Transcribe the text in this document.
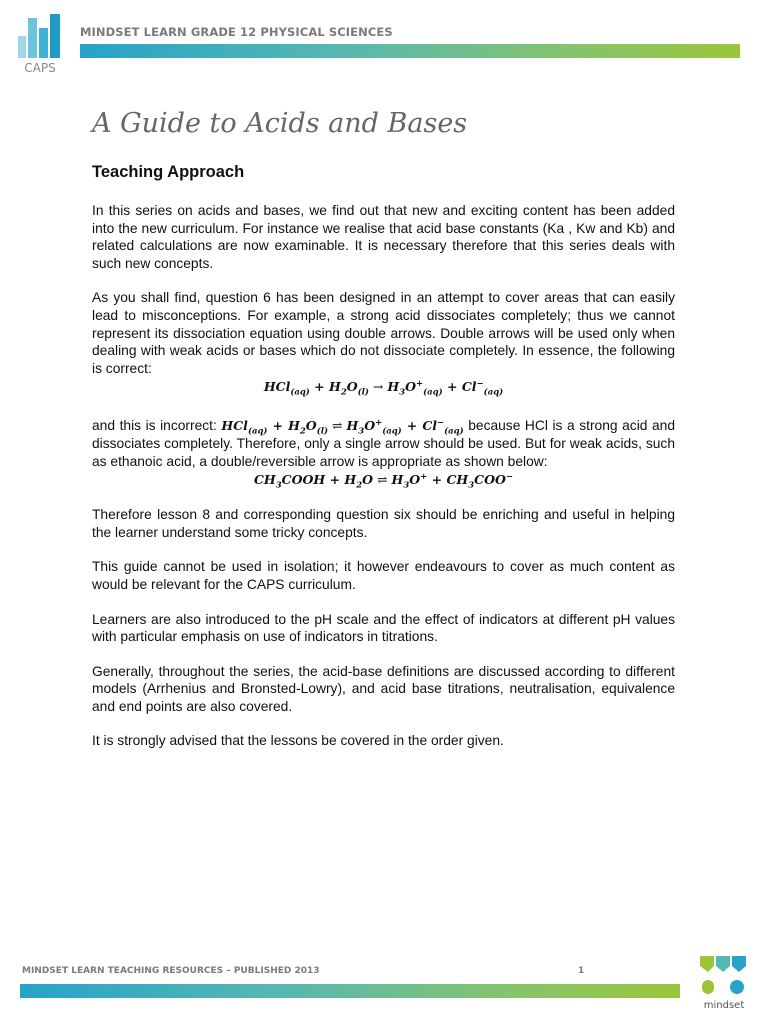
CAPS
MINDSET LEARN GRADE 12 PHYSICAL SCIENCES
A Guide to Acids and Bases
Teaching Approach

In this series on acids and bases, we find out that new and exciting content has been added into the new curriculum. For instance we realise that acid base constants (Ka , Kw and Kb) and related calculations are now examinable. It is necessary therefore that this series deals with such new concepts.

As you shall find, question 6 has been designed in an attempt to cover areas that can easily lead to misconceptions. For example, a strong acid dissociates completely; thus we cannot represent its dissociation equation using double arrows. Double arrows will be used only when dealing with weak acids or bases which do not dissociate completely. In essence, the following is correct:

$HCl_{(aq)} + H_2O_{(l)} \to H_3O^+_{(aq)} + Cl^-_{(aq)}$

and this is incorrect: $HCl_{(aq)} + H_2O_{(l)}$ ⇌ $H_3O^+_{(aq)} + Cl^-_{(aq)}$ because HCl is a strong acid and dissociates completely. Therefore, only a single arrow should be used. But for weak acids, such as ethanoic acid, a double/reversible arrow is appropriate as shown below:

$CH_3COOH + H_2O$ ⇌ $H_3O^+ + CH_3COO^-$

Therefore lesson 8 and corresponding question six should be enriching and useful in helping the learner understand some tricky concepts.

This guide cannot be used in isolation; it however endeavours to cover as much content as would be relevant for the CAPS curriculum.

Learners are also introduced to the pH scale and the effect of indicators at different pH values with particular emphasis on use of indicators in titrations.

Generally, throughout the series, the acid-base definitions are discussed according to different models (Arrhenius and Bronsted-Lowry), and acid base titrations, neutralisation, equivalence and end points are also covered.

It is strongly advised that the lessons be covered in the order given.

MINDSET LEARN TEACHING RESOURCES – PUBLISHED 2013	1
mindset
